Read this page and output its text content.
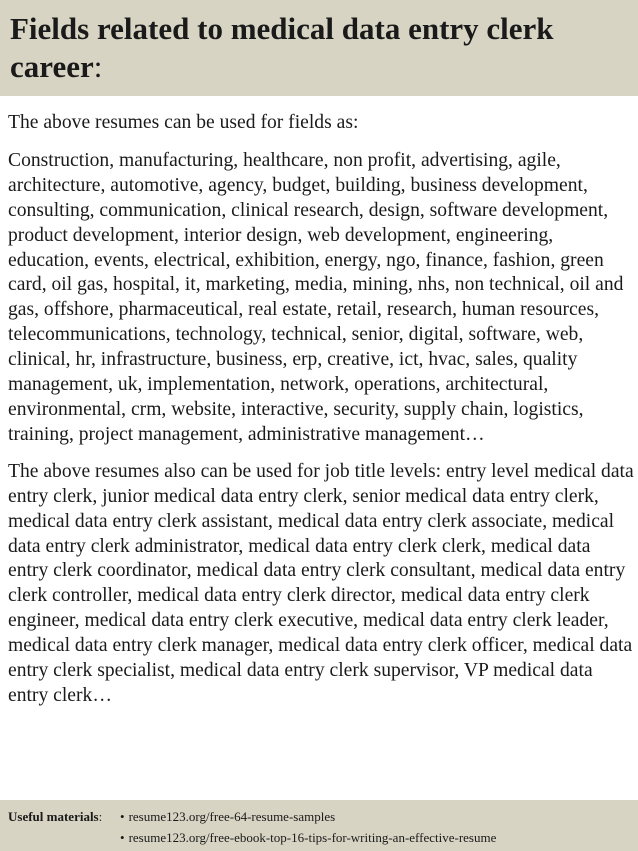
Fields related to medical data entry clerk career:

The above resumes can be used for fields as:

Construction, manufacturing, healthcare, non profit, advertising, agile, architecture, automotive, agency, budget, building, business development, consulting, communication, clinical research, design, software development, product development, interior design, web development, engineering, education, events, electrical, exhibition, energy, ngo, finance, fashion, green card, oil gas, hospital, it, marketing, media, mining, nhs, non technical, oil and gas, offshore, pharmaceutical, real estate, retail, research, human resources, telecommunications, technology, technical, senior, digital, software, web, clinical, hr, infrastructure, business, erp, creative, ict, hvac, sales, quality management, uk, implementation, network, operations, architectural, environmental, crm, website, interactive, security, supply chain, logistics, training, project management, administrative management…

The above resumes also can be used for job title levels: entry level medical data entry clerk, junior medical data entry clerk, senior medical data entry clerk, medical data entry clerk assistant, medical data entry clerk associate, medical data entry clerk administrator, medical data entry clerk clerk, medical data entry clerk coordinator, medical data entry clerk consultant, medical data entry clerk controller, medical data entry clerk director, medical data entry clerk engineer, medical data entry clerk executive, medical data entry clerk leader, medical data entry clerk manager, medical data entry clerk officer, medical data entry clerk specialist, medical data entry clerk supervisor, VP medical data entry clerk…

Useful materials:	• resume123.org/free-64-resume-samples
• resume123.org/free-ebook-top-16-tips-for-writing-an-effective-resume
